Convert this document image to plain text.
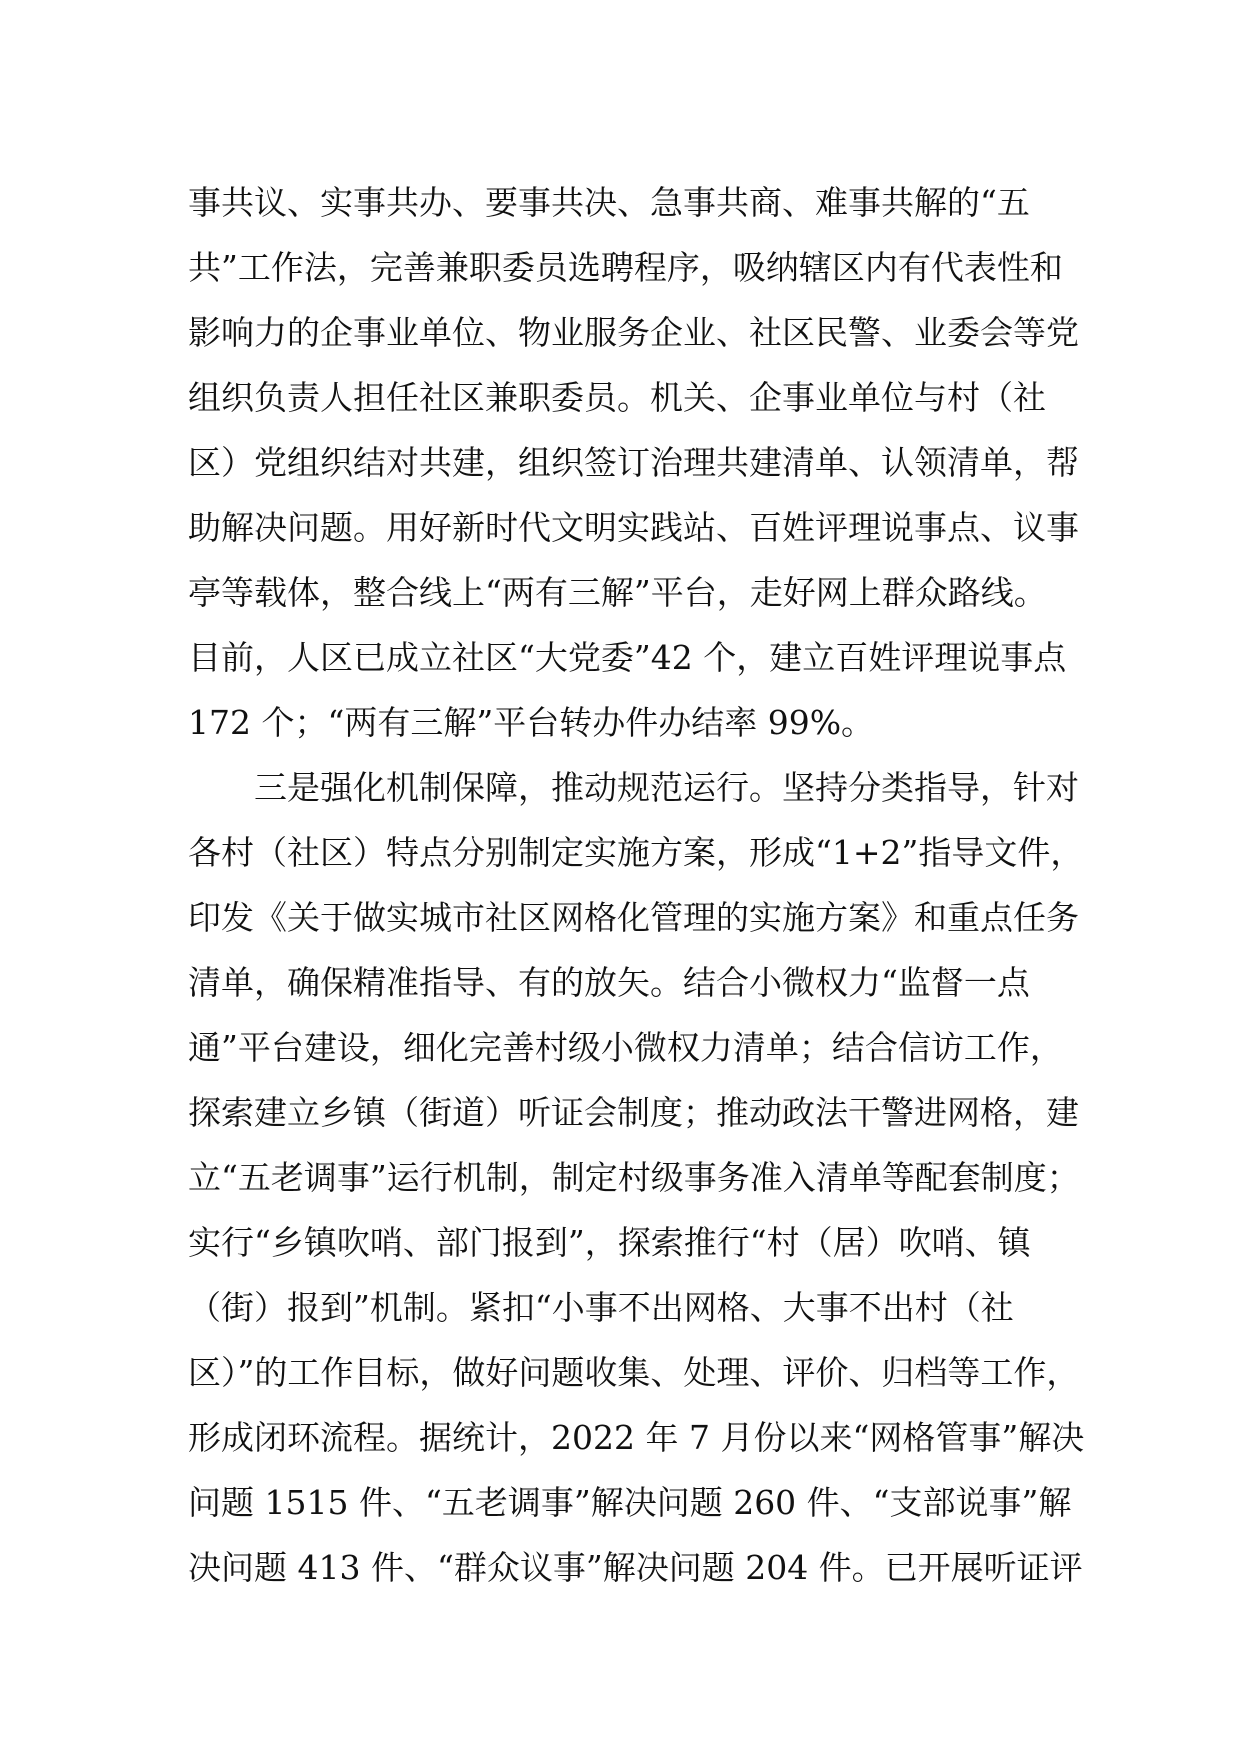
事共议、实事共办、要事共决、急事共商、难事共解的“五
共”工作法，完善兼职委员选聘程序，吸纳辖区内有代表性和
影响力的企事业单位、物业服务企业、社区民警、业委会等党
组织负责人担任社区兼职委员。机关、企事业单位与村（社
区）党组织结对共建，组织签订治理共建清单、认领清单，帮
助解决问题。用好新时代文明实践站、百姓评理说事点、议事
亭等载体，整合线上“两有三解”平台，走好网上群众路线。
目前，人区已成立社区“大党委”42 个，建立百姓评理说事点
172 个；“两有三解”平台转办件办结率 99%。
　　三是强化机制保障，推动规范运行。坚持分类指导，针对
各村（社区）特点分别制定实施方案，形成“1+2”指导文件，
印发《关于做实城市社区网格化管理的实施方案》和重点任务
清单，确保精准指导、有的放矢。结合小微权力“监督一点
通”平台建设，细化完善村级小微权力清单；结合信访工作，
探索建立乡镇（街道）听证会制度；推动政法干警进网格，建
立“五老调事”运行机制，制定村级事务准入清单等配套制度；
实行“乡镇吹哨、部门报到”，探索推行“村（居）吹哨、镇
（街）报到”机制。紧扣“小事不出网格、大事不出村（社
区）”的工作目标，做好问题收集、处理、评价、归档等工作，
形成闭环流程。据统计，2022 年 7 月份以来“网格管事”解决
问题 1515 件、“五老调事”解决问题 260 件、“支部说事”解
决问题 413 件、“群众议事”解决问题 204 件。已开展听证评
